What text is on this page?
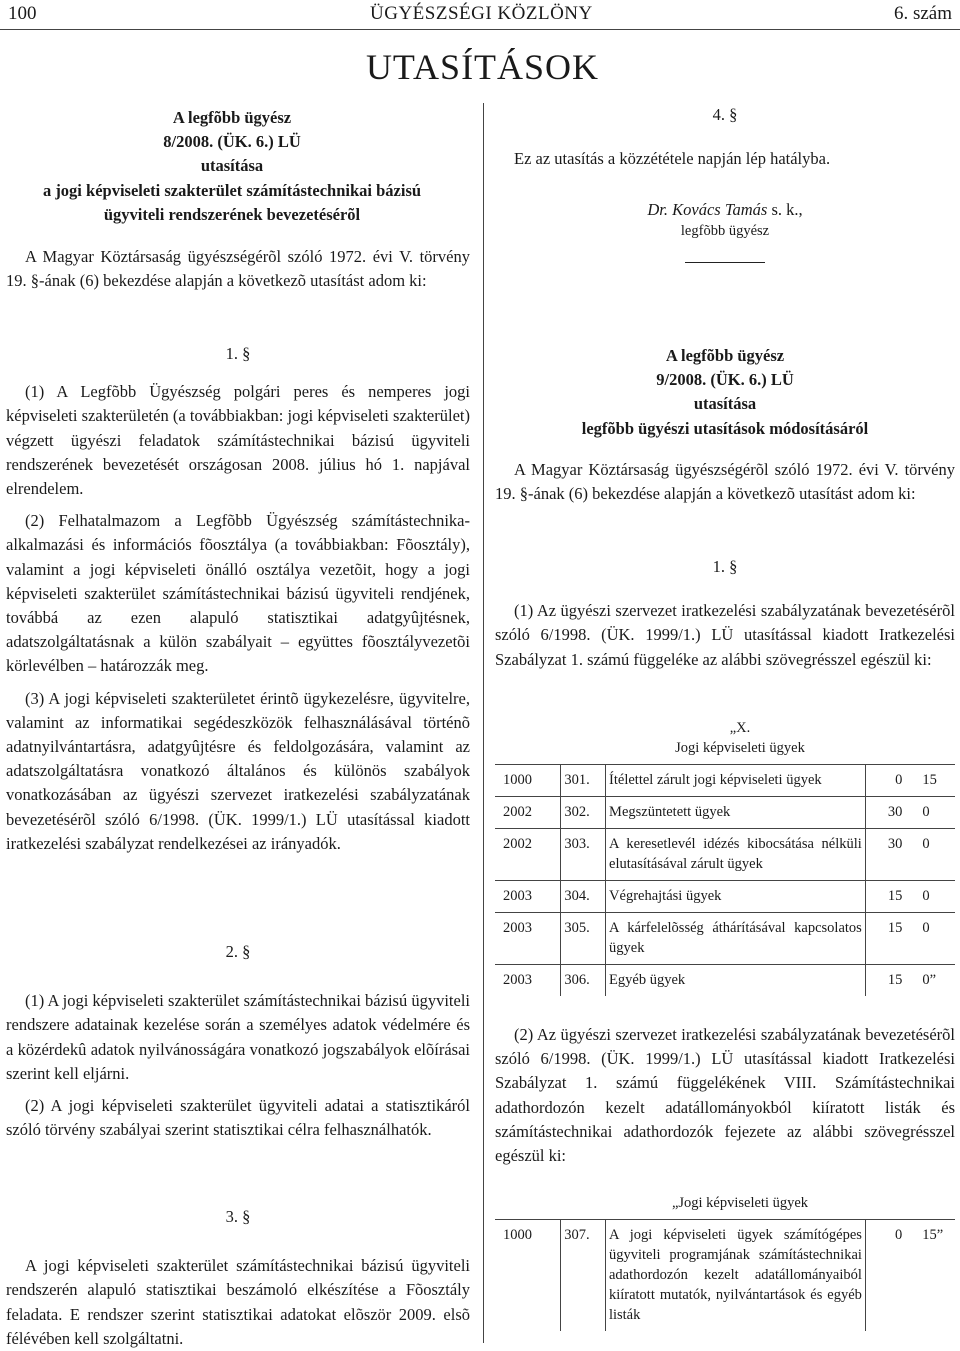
100	ÜGYÉSZSÉGI KÖZLÖNY	6. szám
UTASÍTÁSOK

A legfõbb ügyész

8/2008. (ÜK. 6.) LÜ

utasítása

a jogi képviseleti szakterület számítástechnikai bázisú

ügyviteli rendszerének bevezetésérõl

A Magyar Köztársaság ügyészségérõl szóló 1972. évi V. törvény 19. §-ának (6) bekezdése alapján a következõ utasítást adom ki:

1. §

(1) A Legfõbb Ügyészség polgári peres és nemperes jogi képviseleti szakterületén (a továbbiakban: jogi képviseleti szakterület) végzett ügyészi feladatok számítástechnikai bázisú ügyviteli rendszerének bevezetését országosan 2008. július hó 1. napjával elrendelem.

(2) Felhatalmazom a Legfõbb Ügyészség számítástechnika-alkalmazási és információs fõosztálya (a továbbiakban: Fõosztály), valamint a jogi képviseleti önálló osztálya vezetõit, hogy a jogi képviseleti szakterület számítástechnikai bázisú ügyviteli rendjének, továbbá az ezen alapuló statisztikai adatgyûjtésnek, adatszolgáltatásnak a külön szabályait – együttes fõosztályvezetõi körlevélben – határozzák meg.

(3) A jogi képviseleti szakterületet érintõ ügykezelésre, ügyvitelre, valamint az informatikai segédeszközök felhasználásával történõ adatnyilvántartásra, adatgyûjtésre és feldolgozására, valamint az adatszolgáltatásra vonatkozó általános és különös szabályok vonatkozásában az ügyészi szervezet iratkezelési szabályzatának bevezetésérõl szóló 6/1998. (ÜK. 1999/1.) LÜ utasítással kiadott iratkezelési szabályzat rendelkezései az irányadók.

2. §

(1) A jogi képviseleti szakterület számítástechnikai bázisú ügyviteli rendszere adatainak kezelése során a személyes adatok védelmére és a közérdekû adatok nyilvánosságára vonatkozó jogszabályok elõírásai szerint kell eljárni.

(2) A jogi képviseleti szakterület ügyviteli adatai a statisztikáról szóló törvény szabályai szerint statisztikai célra felhasználhatók.

3. §

A jogi képviseleti szakterület számítástechnikai bázisú ügyviteli rendszerén alapuló statisztikai beszámoló elkészítése a Fõosztály feladata. E rendszer szerint statisztikai adatokat elõször 2009. elsõ félévében kell szolgáltatni.

4. §

Ez az utasítás a közzététele napján lép hatályba.

Dr. Kovács Tamás s. k.,

legfõbb ügyész

A legfõbb ügyész

9/2008. (ÜK. 6.) LÜ

utasítása

legfõbb ügyészi utasítások módosításáról

A Magyar Köztársaság ügyészségérõl szóló 1972. évi V. törvény 19. §-ának (6) bekezdése alapján a következõ utasítást adom ki:

1. §

(1) Az ügyészi szervezet iratkezelési szabályzatának bevezetésérõl szóló 6/1998. (ÜK. 1999/1.) LÜ utasítással kiadott Iratkezelési Szabályzat 1. számú függeléke az alábbi szövegrésszel egészül ki:

„X.

Jogi képviseleti ügyek

1000	301.	Ítélettel zárult jogi képviseleti ügyek	0	15
2002	302.	Megszüntetett ügyek	30	0
2002	303.	A keresetlevél idézés kibocsátása nélküli elutasításával zárult ügyek	30	0
2003	304.	Végrehajtási ügyek	15	0
2003	305.	A kárfelelõsség áthárításával kapcsolatos ügyek	15	0
2003	306.	Egyéb ügyek	15	0”

(2) Az ügyészi szervezet iratkezelési szabályzatának bevezetésérõl szóló 6/1998. (ÜK. 1999/1.) LÜ utasítással kiadott Iratkezelési Szabályzat 1. számú függelékének VIII. Számítástechnikai adathordozón kezelt adatállományokból kiíratott listák és számítástechnikai adathordozók fejezete az alábbi szövegrésszel egészül ki:

„Jogi képviseleti ügyek

1000	307.	A jogi képviseleti ügyek számítógépes ügyviteli programjának számítástechnikai adathordozón kezelt adatállományaiból kiíratott mutatók, nyilvántartások és egyéb listák	0	15”
